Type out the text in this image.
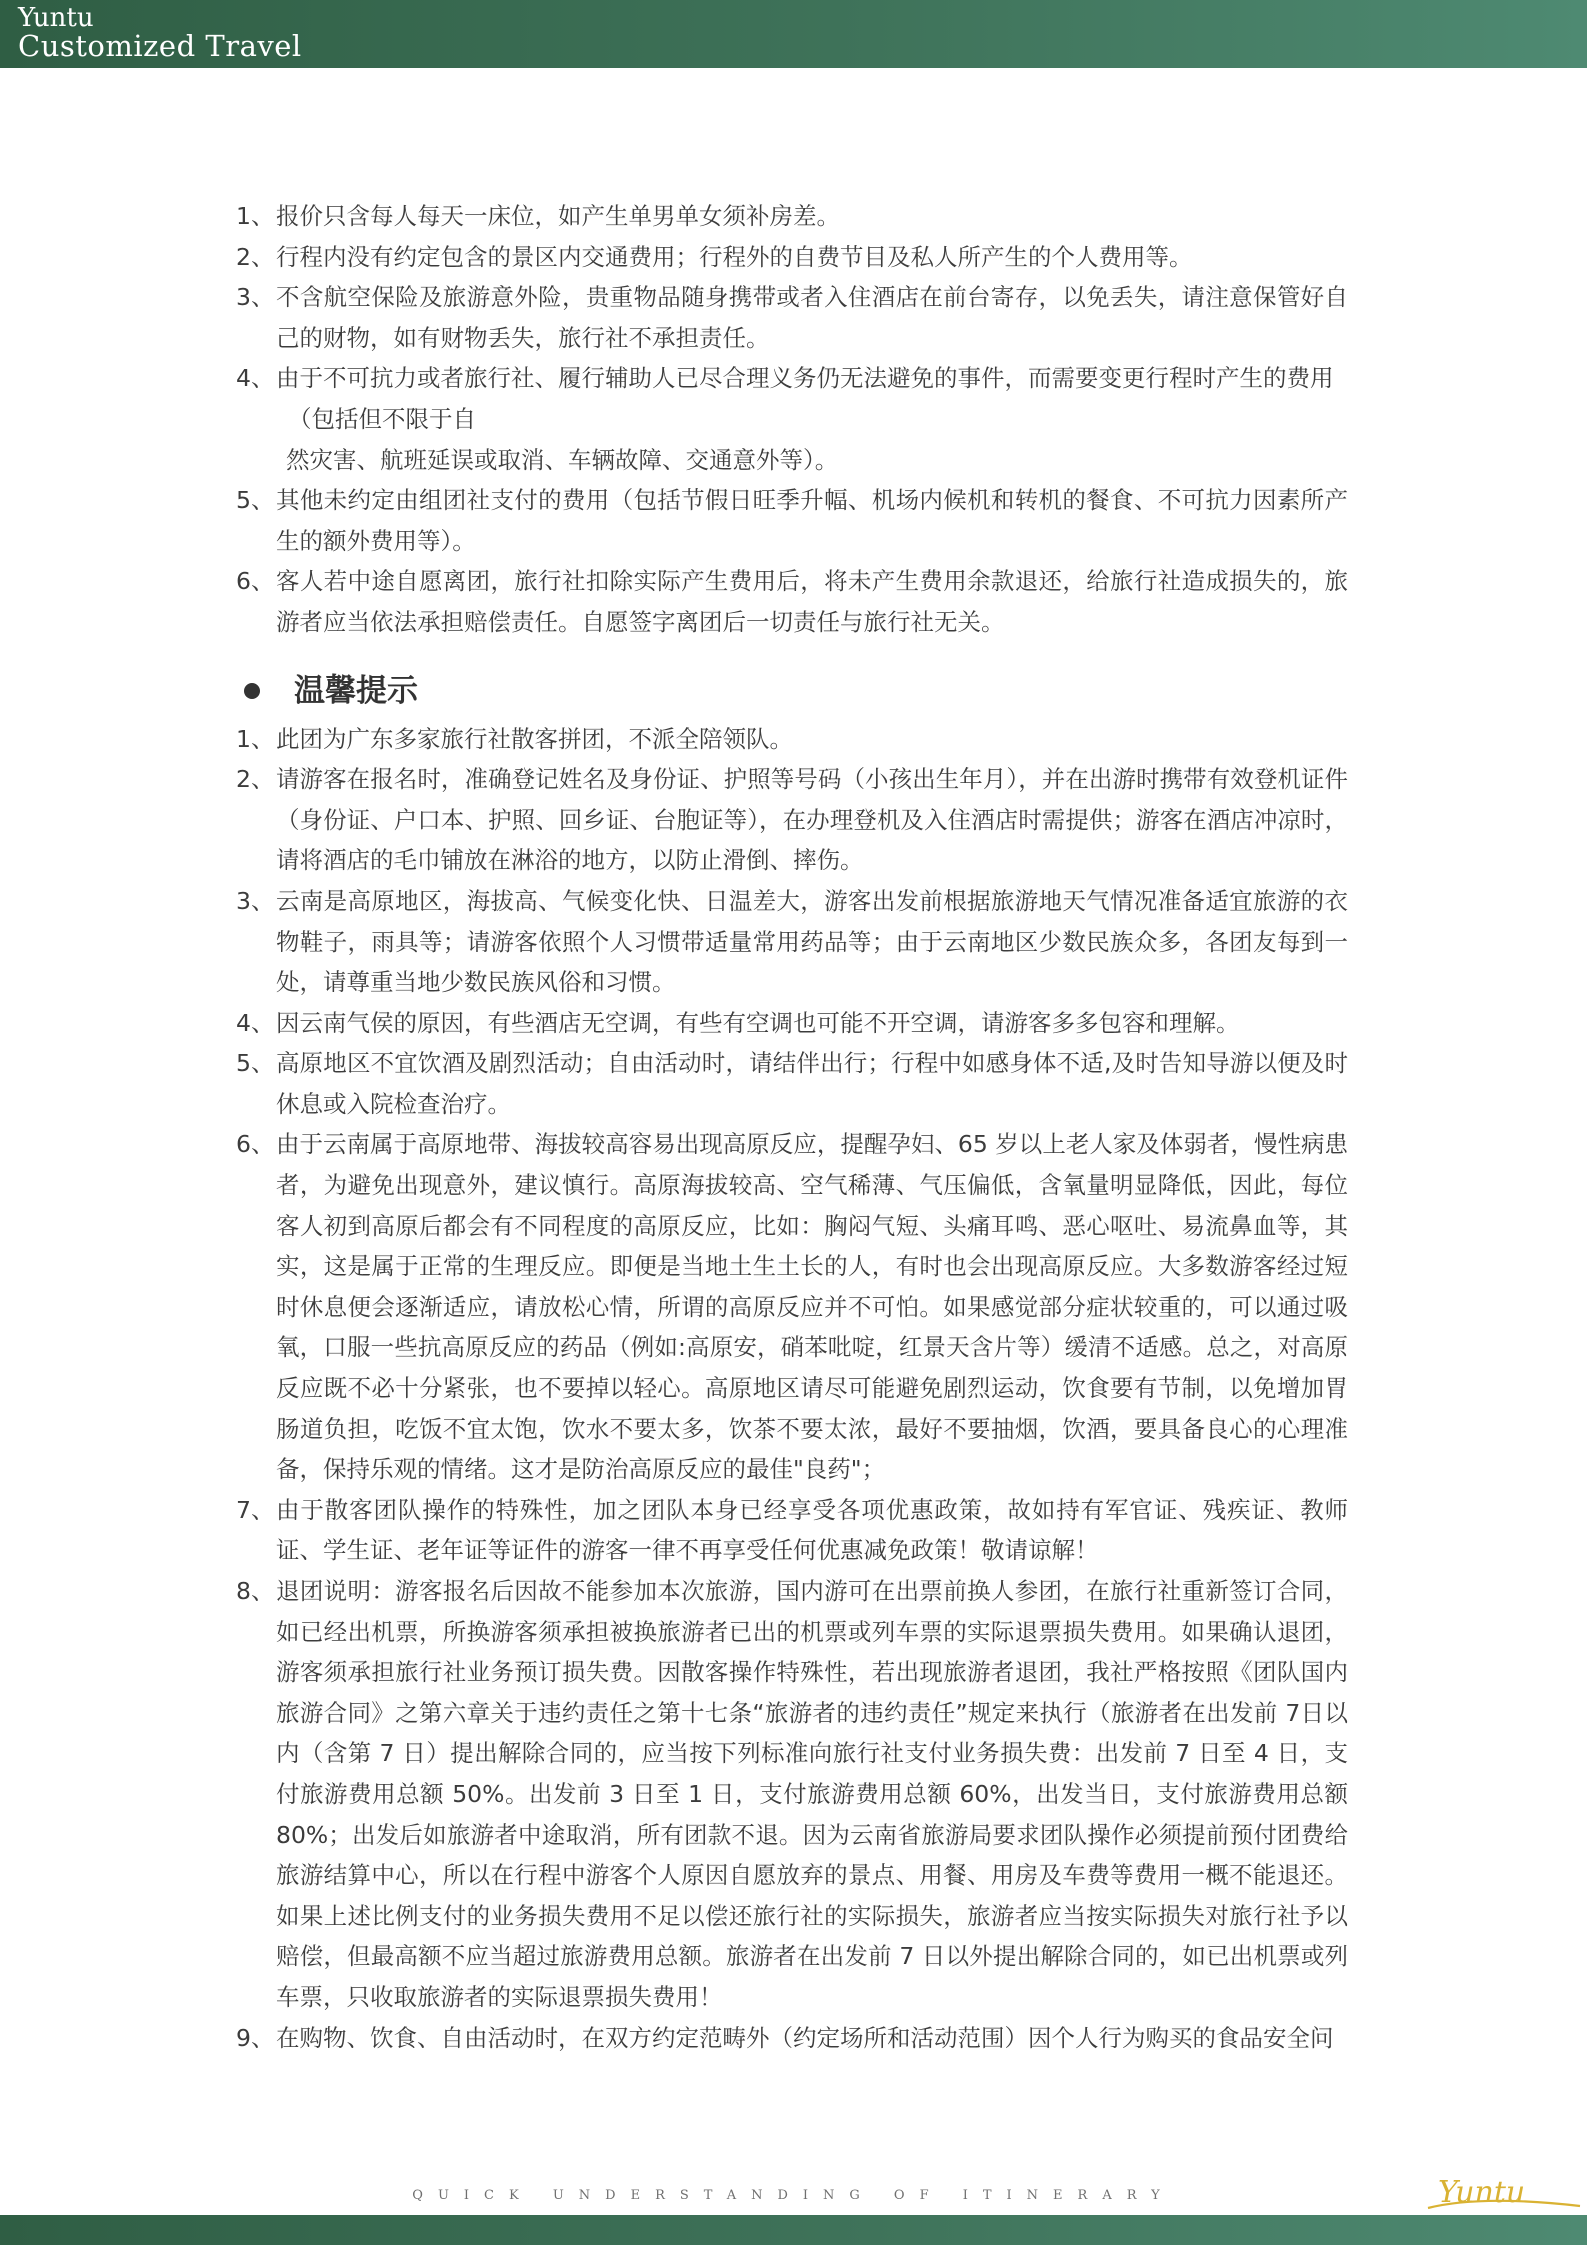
Yuntu
Customized Travel
1、 报价只含每人每天一床位，如产生单男单女须补房差。
2、 行程内没有约定包含的景区内交通费用；行程外的自费节目及私人所产生的个人费用等。
3、 不含航空保险及旅游意外险，贵重物品随身携带或者入住酒店在前台寄存，以免丢失，请注意保管好自己的财物，如有财物丢失，旅行社不承担责任。
4、 由于不可抗力或者旅行社、履行辅助人已尽合理义务仍无法避免的事件，而需要变更行程时产生的费用
（包括但不限于自
然灾害、航班延误或取消、车辆故障、交通意外等）。
5、 其他未约定由组团社支付的费用（包括节假日旺季升幅、机场内候机和转机的餐食、不可抗力因素所产生的额外费用等）。
6、 客人若中途自愿离团，旅行社扣除实际产生费用后，将未产生费用余款退还，给旅行社造成损失的，旅游者应当依法承担赔偿责任。自愿签字离团后一切责任与旅行社无关。
温馨提示
1、 此团为广东多家旅行社散客拼团，不派全陪领队。
2、 请游客在报名时，准确登记姓名及身份证、护照等号码（小孩出生年月），并在出游时携带有效登机证件（身份证、户口本、护照、回乡证、台胞证等），在办理登机及入住酒店时需提供；游客在酒店冲凉时，请将酒店的毛巾铺放在淋浴的地方，以防止滑倒、摔伤。
3、 云南是高原地区，海拔高、气候变化快、日温差大，游客出发前根据旅游地天气情况准备适宜旅游的衣物鞋子，雨具等；请游客依照个人习惯带适量常用药品等；由于云南地区少数民族众多，各团友每到一处，请尊重当地少数民族风俗和习惯。
4、 因云南气侯的原因，有些酒店无空调，有些有空调也可能不开空调，请游客多多包容和理解。
5、 高原地区不宜饮酒及剧烈活动；自由活动时，请结伴出行；行程中如感身体不适,及时告知导游以便及时休息或入院检查治疗。
6、 由于云南属于高原地带、海拔较高容易出现高原反应，提醒孕妇、65 岁以上老人家及体弱者，慢性病患者，为避免出现意外，建议慎行。高原海拔较高、空气稀薄、气压偏低，含氧量明显降低，因此，每位客人初到高原后都会有不同程度的高原反应，比如：胸闷气短、头痛耳鸣、恶心呕吐、易流鼻血等，其实，这是属于正常的生理反应。即便是当地土生土长的人，有时也会出现高原反应。大多数游客经过短时休息便会逐渐适应，请放松心情，所谓的高原反应并不可怕。如果感觉部分症状较重的，可以通过吸氧，口服一些抗高原反应的药品（例如:高原安，硝苯吡啶，红景天含片等）缓清不适感。总之，对高原反应既不必十分紧张，也不要掉以轻心。高原地区请尽可能避免剧烈运动，饮食要有节制，以免增加胃肠道负担，吃饭不宜太饱，饮水不要太多，饮茶不要太浓，最好不要抽烟，饮酒，要具备良心的心理准备，保持乐观的情绪。这才是防治高原反应的最佳"良药"；
7、 由于散客团队操作的特殊性，加之团队本身已经享受各项优惠政策，故如持有军官证、残疾证、教师证、学生证、老年证等证件的游客一律不再享受任何优惠减免政策！敬请谅解！
8、 退团说明：游客报名后因故不能参加本次旅游，国内游可在出票前换人参团，在旅行社重新签订合同，如已经出机票，所换游客须承担被换旅游者已出的机票或列车票的实际退票损失费用。如果确认退团，游客须承担旅行社业务预订损失费。因散客操作特殊性，若出现旅游者退团，我社严格按照《团队国内旅游合同》之第六章关于违约责任之第十七条“旅游者的违约责任”规定来执行（旅游者在出发前 7日以内（含第 7 日）提出解除合同的，应当按下列标准向旅行社支付业务损失费：出发前 7 日至 4 日，支付旅游费用总额 50%。出发前 3 日至 1 日，支付旅游费用总额 60%，出发当日，支付旅游费用总额 80%；出发后如旅游者中途取消，所有团款不退。因为云南省旅游局要求团队操作必须提前预付团费给旅游结算中心，所以在行程中游客个人原因自愿放弃的景点、用餐、用房及车费等费用一概不能退还。如果上述比例支付的业务损失费用不足以偿还旅行社的实际损失，旅游者应当按实际损失对旅行社予以赔偿，但最高额不应当超过旅游费用总额。旅游者在出发前 7 日以外提出解除合同的，如已出机票或列车票，只收取旅游者的实际退票损失费用！
9、 在购物、饮食、自由活动时，在双方约定范畴外（约定场所和活动范围）因个人行为购买的食品安全问
QUICK UNDERSTANDING OF ITINERARY	Yuntu
